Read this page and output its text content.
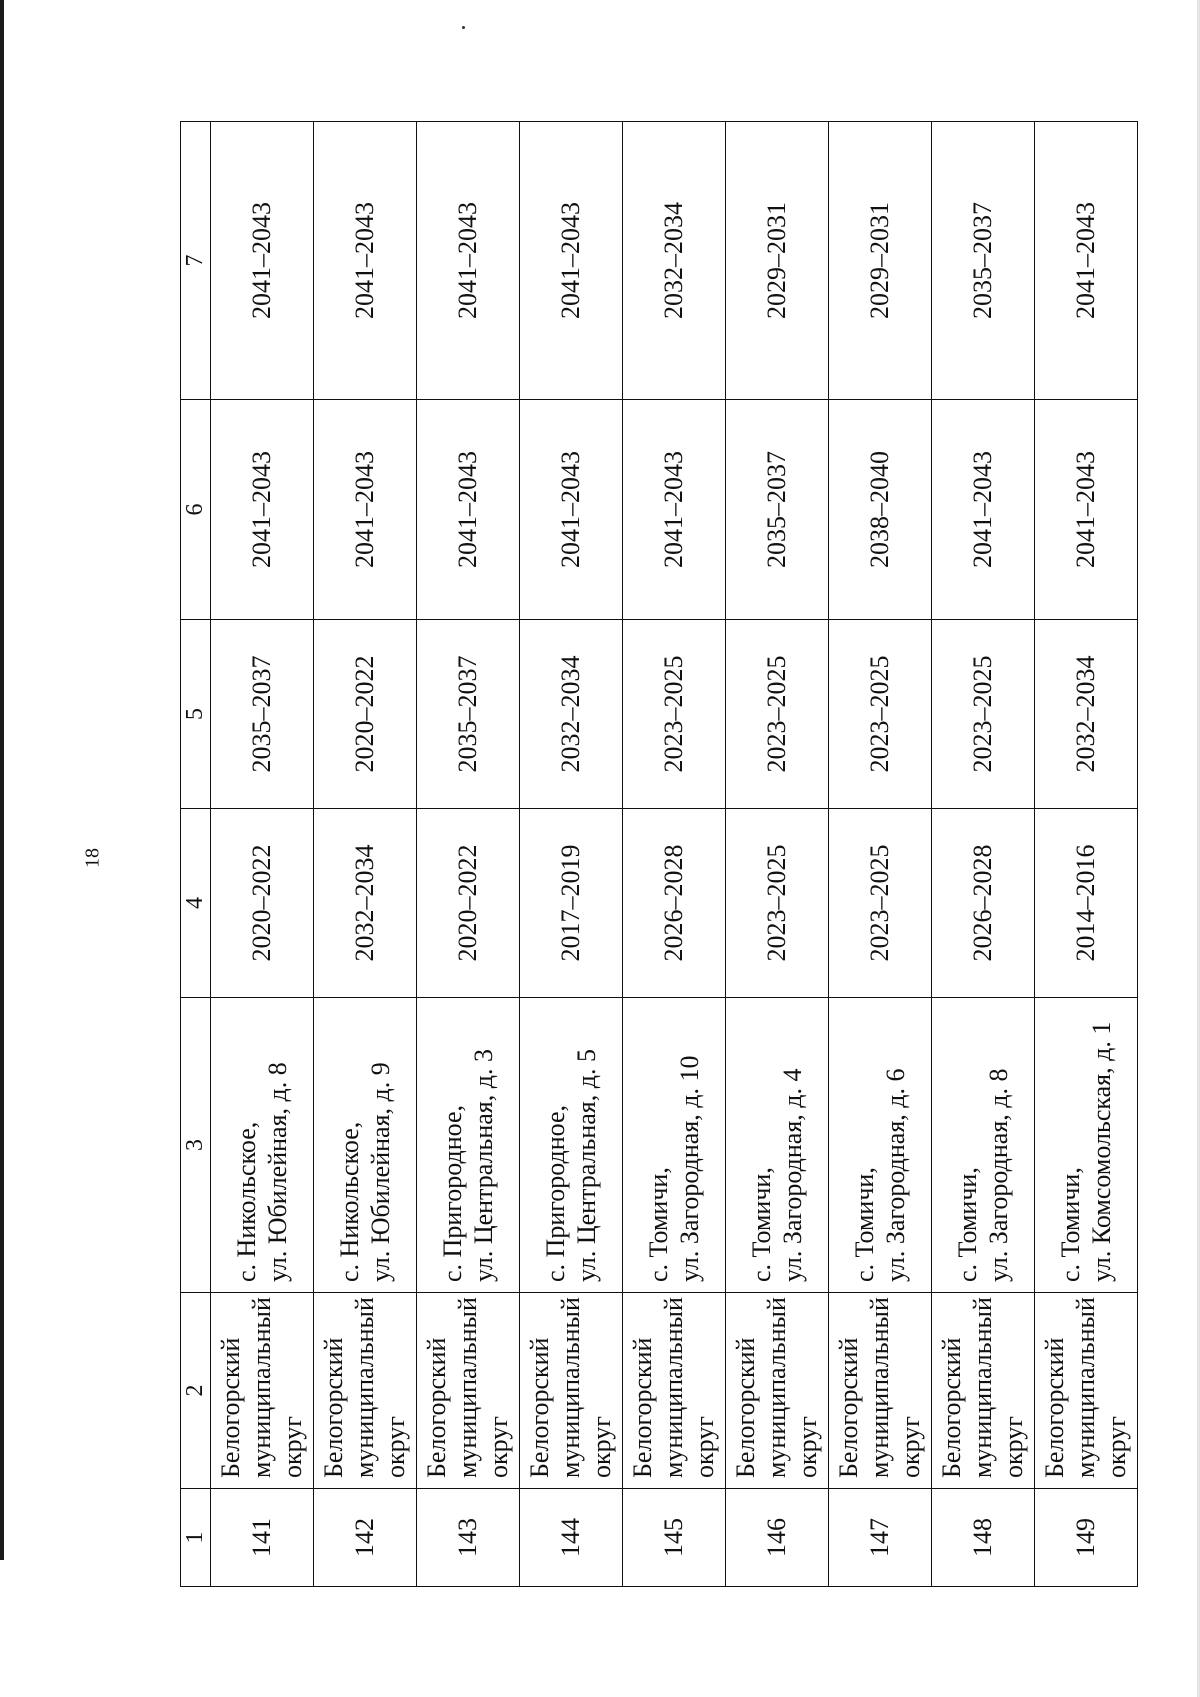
18
1	2	3	4	5	6	7
141	Белогорский муниципальный округ	с. Никольское, ул. Юбилейная, д. 8	2020–2022	2035–2037	2041–2043	2041–2043
142	Белогорский муниципальный округ	с. Никольское, ул. Юбилейная, д. 9	2032–2034	2020–2022	2041–2043	2041–2043
143	Белогорский муниципальный округ	с. Пригородное, ул. Центральная, д. 3	2020–2022	2035–2037	2041–2043	2041–2043
144	Белогорский муниципальный округ	с. Пригородное, ул. Центральная, д. 5	2017–2019	2032–2034	2041–2043	2041–2043
145	Белогорский муниципальный округ	с. Томичи, ул. Загородная, д. 10	2026–2028	2023–2025	2041–2043	2032–2034
146	Белогорский муниципальный округ	с. Томичи, ул. Загородная, д. 4	2023–2025	2023–2025	2035–2037	2029–2031
147	Белогорский муниципальный округ	с. Томичи, ул. Загородная, д. 6	2023–2025	2023–2025	2038–2040	2029–2031
148	Белогорский муниципальный округ	с. Томичи, ул. Загородная, д. 8	2026–2028	2023–2025	2041–2043	2035–2037
149	Белогорский муниципальный округ	с. Томичи, ул. Комсомольская, д. 1	2014–2016	2032–2034	2041–2043	2041–2043
